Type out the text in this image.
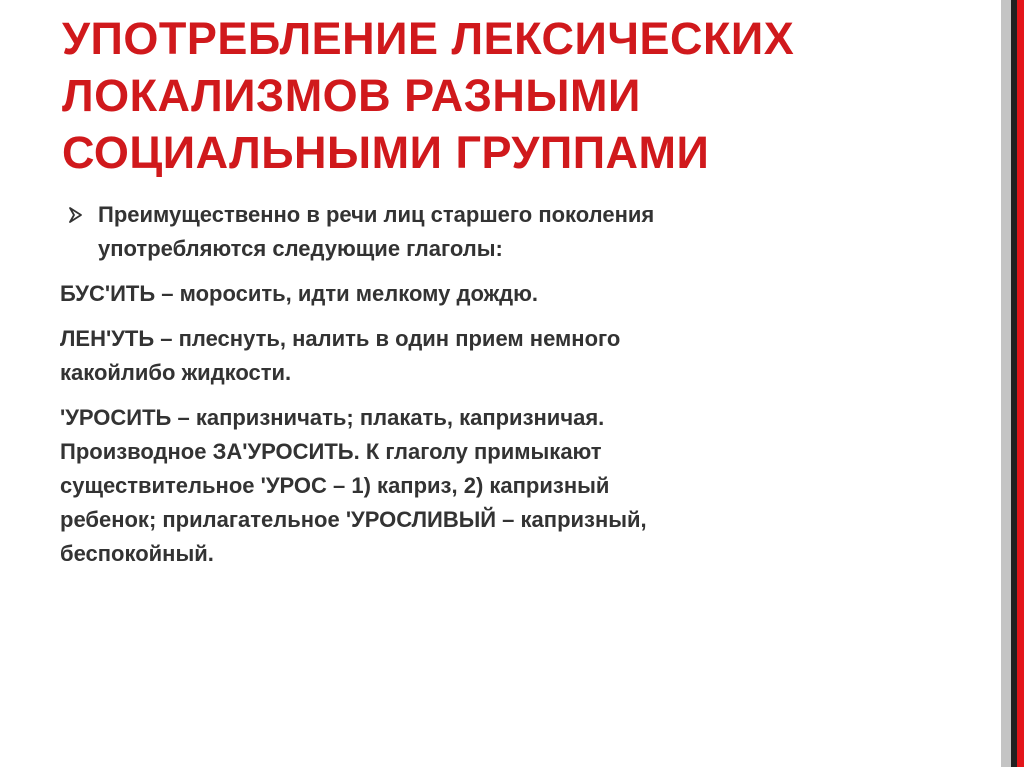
УПОТРЕБЛЕНИЕ ЛЕКСИЧЕСКИХ
ЛОКАЛИЗМОВ РАЗНЫМИ
СОЦИАЛЬНЫМИ ГРУППАМИ
Преимущественно в речи лиц старшего поколения
употребляются следующие глаголы:
БУС'ИТЬ – моросить, идти мелкому дождю.
ЛЕН'УТЬ – плеснуть, налить в один прием немного
какойлибо жидкости.
'УРОСИТЬ – капризничать; плакать, капризничая.
Производное ЗА'УРОСИТЬ. К глаголу примыкают
существительное 'УРОС – 1) каприз, 2) капризный
ребенок; прилагательное 'УРОСЛИВЫЙ – капризный,
беспокойный.
